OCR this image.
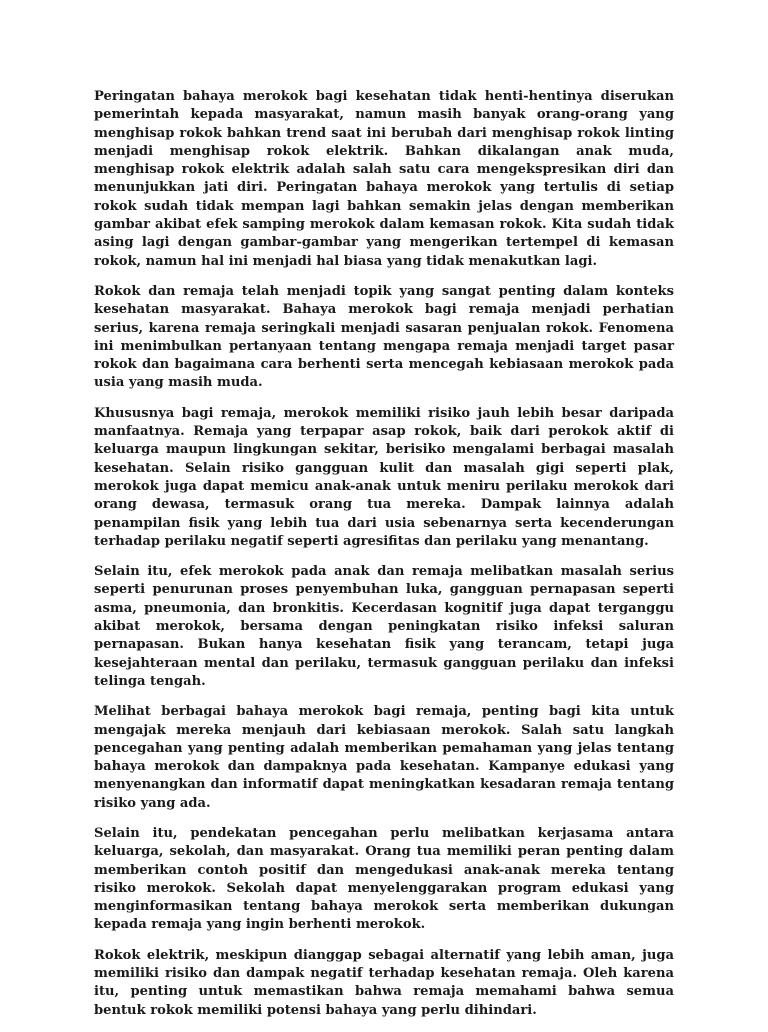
Peringatan bahaya merokok bagi kesehatan tidak henti-hentinya diserukan pemerintah kepada masyarakat, namun masih banyak orang-orang yang menghisap rokok bahkan trend saat ini berubah dari menghisap rokok linting menjadi menghisap rokok elektrik. Bahkan dikalangan anak muda, menghisap rokok elektrik adalah salah satu cara mengekspresikan diri dan menunjukkan jati diri. Peringatan bahaya merokok yang tertulis di setiap rokok sudah tidak mempan lagi bahkan semakin jelas dengan memberikan gambar akibat efek samping merokok dalam kemasan rokok. Kita sudah tidak asing lagi dengan gambar-gambar yang mengerikan tertempel di kemasan rokok, namun hal ini menjadi hal biasa yang tidak menakutkan lagi.

Rokok dan remaja telah menjadi topik yang sangat penting dalam konteks kesehatan masyarakat. Bahaya merokok bagi remaja menjadi perhatian serius, karena remaja seringkali menjadi sasaran penjualan rokok. Fenomena ini menimbulkan pertanyaan tentang mengapa remaja menjadi target pasar rokok dan bagaimana cara berhenti serta mencegah kebiasaan merokok pada usia yang masih muda.

Khususnya bagi remaja, merokok memiliki risiko jauh lebih besar daripada manfaatnya. Remaja yang terpapar asap rokok, baik dari perokok aktif di keluarga maupun lingkungan sekitar, berisiko mengalami berbagai masalah kesehatan. Selain risiko gangguan kulit dan masalah gigi seperti plak, merokok juga dapat memicu anak-anak untuk meniru perilaku merokok dari orang dewasa, termasuk orang tua mereka. Dampak lainnya adalah penampilan fisik yang lebih tua dari usia sebenarnya serta kecenderungan terhadap perilaku negatif seperti agresifitas dan perilaku yang menantang.

Selain itu, efek merokok pada anak dan remaja melibatkan masalah serius seperti penurunan proses penyembuhan luka, gangguan pernapasan seperti asma, pneumonia, dan bronkitis. Kecerdasan kognitif juga dapat terganggu akibat merokok, bersama dengan peningkatan risiko infeksi saluran pernapasan. Bukan hanya kesehatan fisik yang terancam, tetapi juga kesejahteraan mental dan perilaku, termasuk gangguan perilaku dan infeksi telinga tengah.

Melihat berbagai bahaya merokok bagi remaja, penting bagi kita untuk mengajak mereka menjauh dari kebiasaan merokok. Salah satu langkah pencegahan yang penting adalah memberikan pemahaman yang jelas tentang bahaya merokok dan dampaknya pada kesehatan. Kampanye edukasi yang menyenangkan dan informatif dapat meningkatkan kesadaran remaja tentang risiko yang ada.

Selain itu, pendekatan pencegahan perlu melibatkan kerjasama antara keluarga, sekolah, dan masyarakat. Orang tua memiliki peran penting dalam memberikan contoh positif dan mengedukasi anak-anak mereka tentang risiko merokok. Sekolah dapat menyelenggarakan program edukasi yang menginformasikan tentang bahaya merokok serta memberikan dukungan kepada remaja yang ingin berhenti merokok.

Rokok elektrik, meskipun dianggap sebagai alternatif yang lebih aman, juga memiliki risiko dan dampak negatif terhadap kesehatan remaja. Oleh karena itu, penting untuk memastikan bahwa remaja memahami bahwa semua bentuk rokok memiliki potensi bahaya yang perlu dihindari.
